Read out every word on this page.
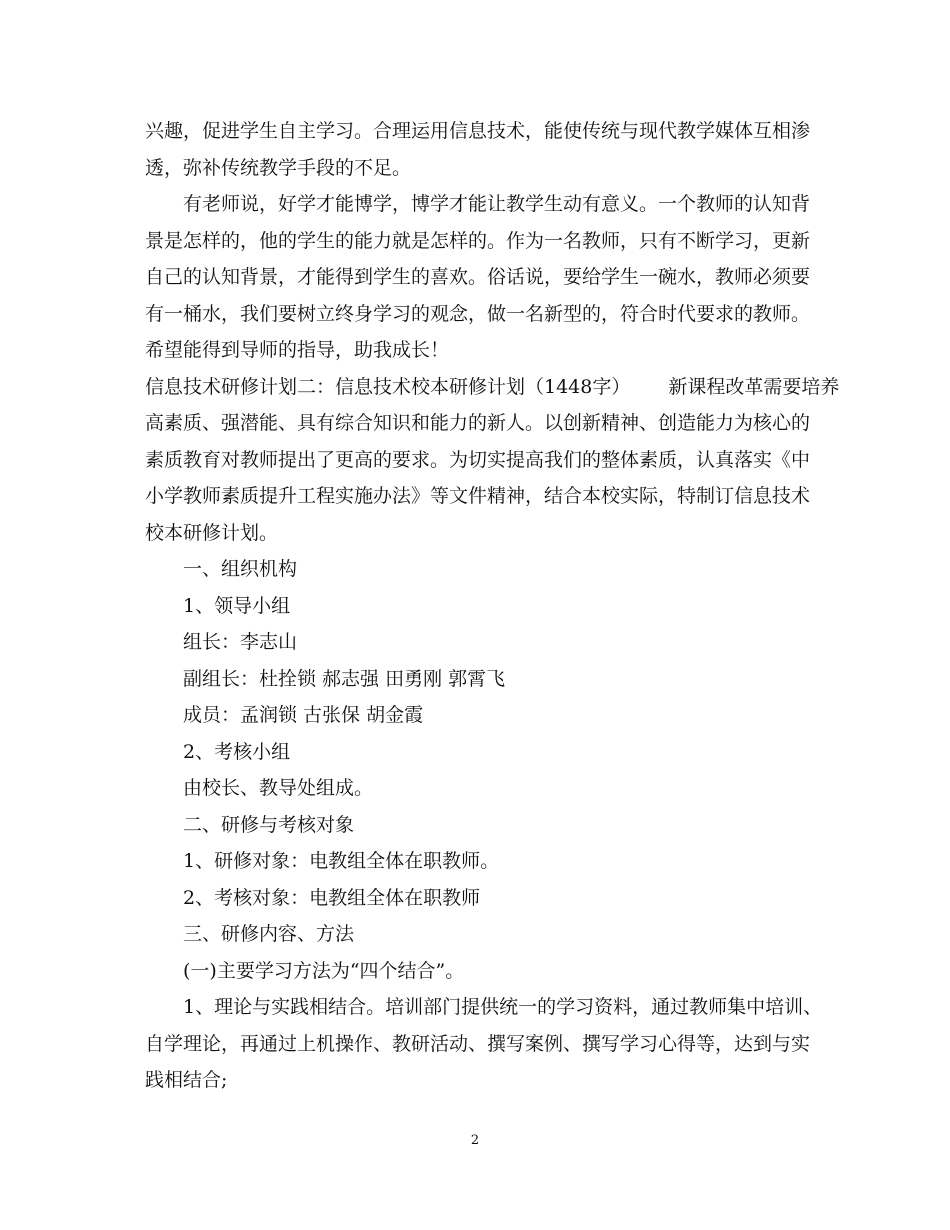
兴趣，促进学生自主学习。合理运用信息技术，能使传统与现代教学媒体互相渗
透，弥补传统教学手段的不足。
有老师说，好学才能博学，博学才能让教学生动有意义。一个教师的认知背
景是怎样的，他的学生的能力就是怎样的。作为一名教师，只有不断学习，更新
自己的认知背景，才能得到学生的喜欢。俗话说，要给学生一碗水，教师必须要
有一桶水，我们要树立终身学习的观念，做一名新型的，符合时代要求的教师。
希望能得到导师的指导，助我成长！
信息技术研修计划二：信息技术校本研修计划（1448字） 新课程改革需要培养
高素质、强潜能、具有综合知识和能力的新人。以创新精神、创造能力为核心的
素质教育对教师提出了更高的要求。为切实提高我们的整体素质，认真落实《中
小学教师素质提升工程实施办法》等文件精神，结合本校实际，特制订信息技术
校本研修计划。
一、组织机构
1、领导小组
组长：李志山
副组长：杜拴锁 郝志强 田勇刚 郭霄飞
成员：孟润锁 古张保 胡金霞
2、考核小组
由校长、教导处组成。
二、研修与考核对象
1、研修对象：电教组全体在职教师。
2、考核对象：电教组全体在职教师
三、研修内容、方法
(一)主要学习方法为“四个结合”。
1、理论与实践相结合。培训部门提供统一的学习资料，通过教师集中培训、
自学理论，再通过上机操作、教研活动、撰写案例、撰写学习心得等，达到与实
践相结合;
2
